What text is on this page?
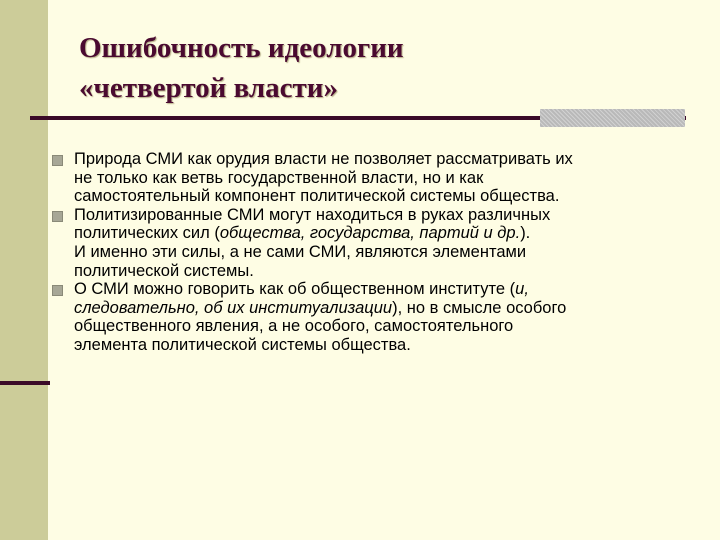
Ошибочность идеологии
«четвертой власти»
Природа СМИ как орудия власти не позволяет рассматривать их
не только как ветвь государственной власти, но и как
самостоятельный компонент политической системы общества.
Политизированные СМИ могут находиться в руках различных
политических сил (общества, государства, партий и др.).
И именно эти силы, а не сами СМИ, являются элементами
политической системы.
О СМИ можно говорить как об общественном институте (и,
следовательно, об их институализации), но в смысле особого
общественного явления, а не особого, самостоятельного
элемента политической системы общества.
